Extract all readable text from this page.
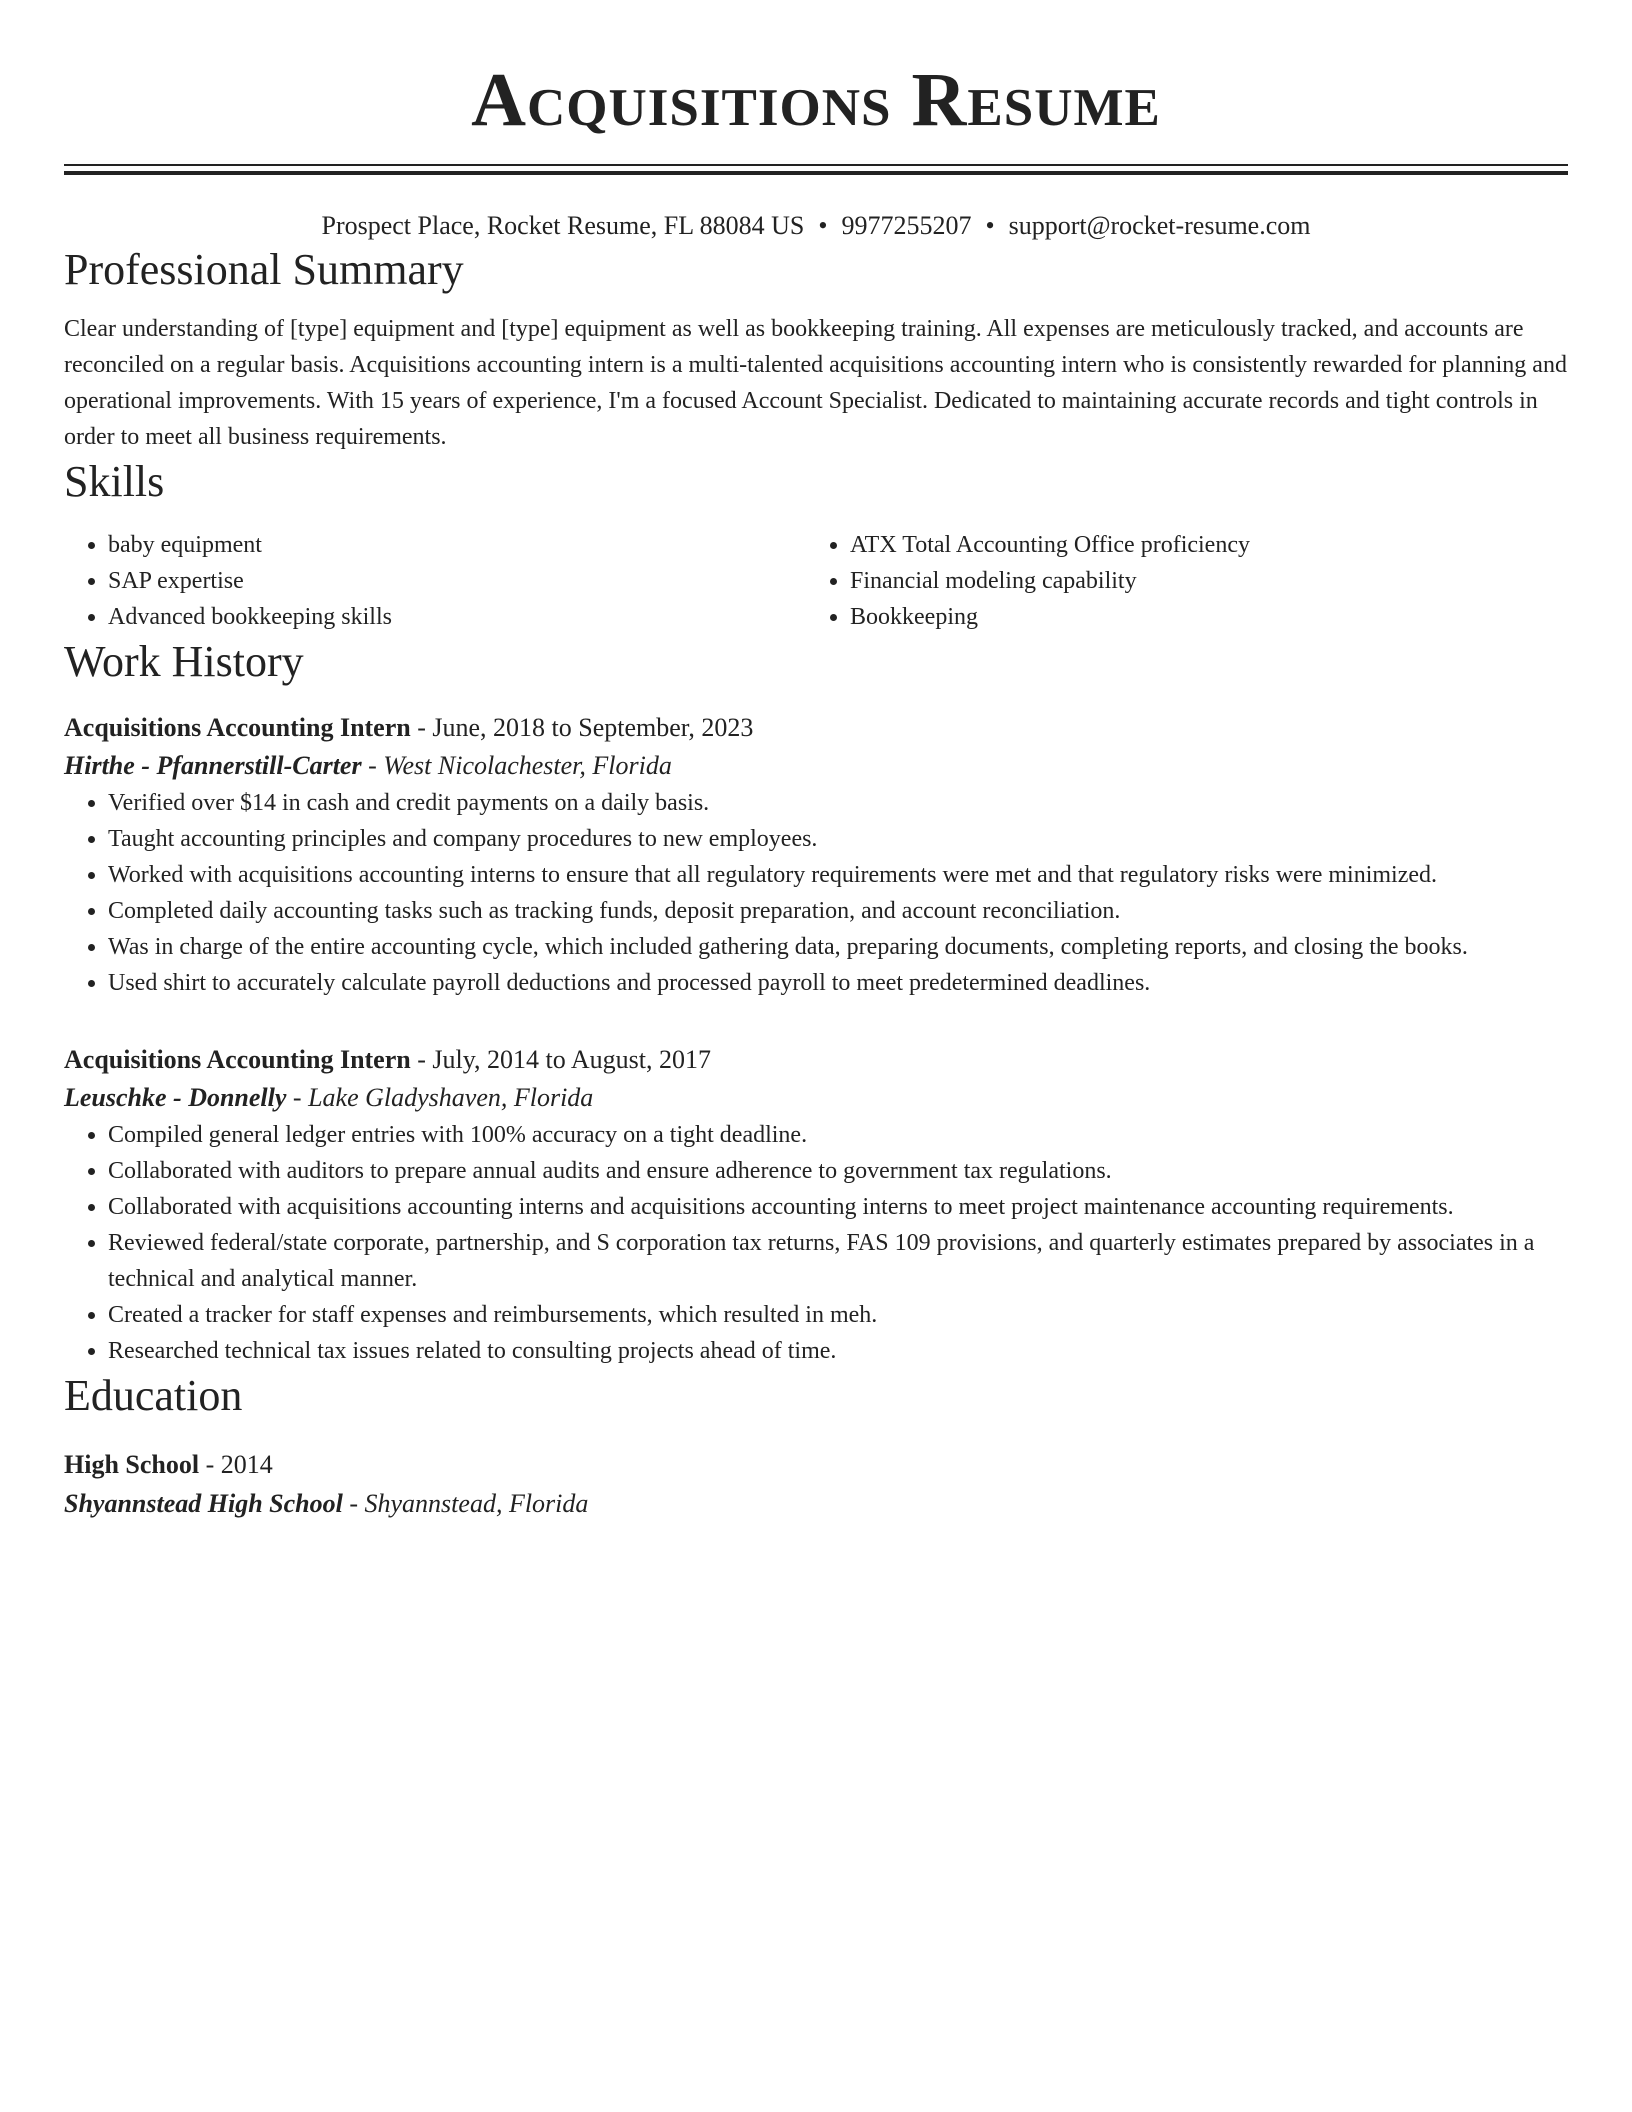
Acquisitions Resume
Prospect Place, Rocket Resume, FL 88084 US • 9977255207 • support@rocket-resume.com
Professional Summary
Clear understanding of [type] equipment and [type] equipment as well as bookkeeping training. All expenses are meticulously tracked, and accounts are reconciled on a regular basis. Acquisitions accounting intern is a multi-talented acquisitions accounting intern who is consistently rewarded for planning and operational improvements. With 15 years of experience, I'm a focused Account Specialist. Dedicated to maintaining accurate records and tight controls in order to meet all business requirements.
Skills
• baby equipment
• SAP expertise
• Advanced bookkeeping skills
• ATX Total Accounting Office proficiency
• Financial modeling capability
• Bookkeeping
Work History
Acquisitions Accounting Intern - June, 2018 to September, 2023
Hirthe - Pfannerstill-Carter - West Nicolachester, Florida
• Verified over $14 in cash and credit payments on a daily basis.
• Taught accounting principles and company procedures to new employees.
• Worked with acquisitions accounting interns to ensure that all regulatory requirements were met and that regulatory risks were minimized.
• Completed daily accounting tasks such as tracking funds, deposit preparation, and account reconciliation.
• Was in charge of the entire accounting cycle, which included gathering data, preparing documents, completing reports, and closing the books.
• Used shirt to accurately calculate payroll deductions and processed payroll to meet predetermined deadlines.
Acquisitions Accounting Intern - July, 2014 to August, 2017
Leuschke - Donnelly - Lake Gladyshaven, Florida
• Compiled general ledger entries with 100% accuracy on a tight deadline.
• Collaborated with auditors to prepare annual audits and ensure adherence to government tax regulations.
• Collaborated with acquisitions accounting interns and acquisitions accounting interns to meet project maintenance accounting requirements.
• Reviewed federal/state corporate, partnership, and S corporation tax returns, FAS 109 provisions, and quarterly estimates prepared by associates in a technical and analytical manner.
• Created a tracker for staff expenses and reimbursements, which resulted in meh.
• Researched technical tax issues related to consulting projects ahead of time.
Education
High School - 2014
Shyannstead High School - Shyannstead, Florida
